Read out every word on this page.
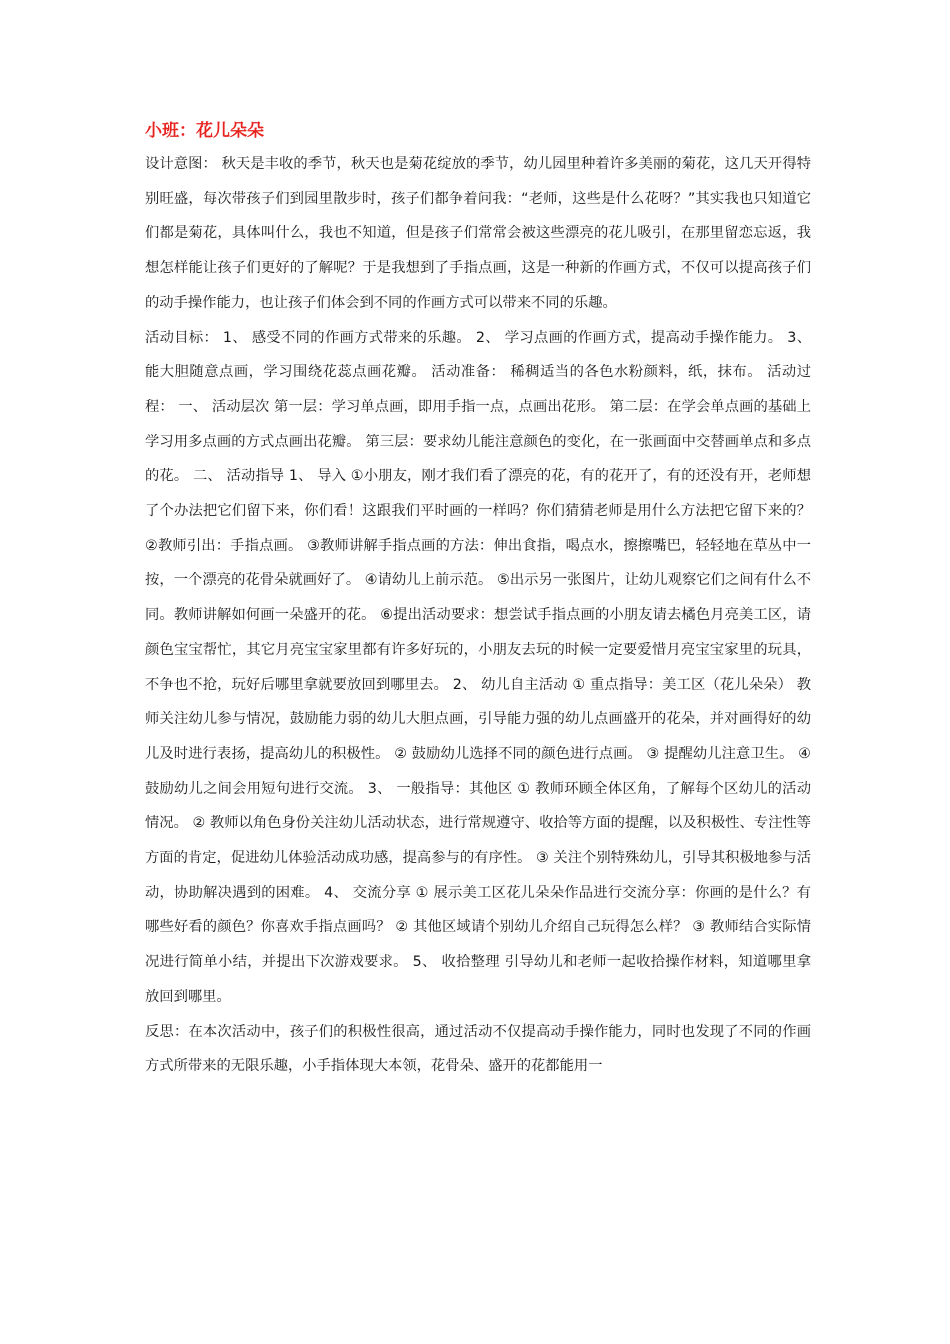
小班：花儿朵朵

设计意图： 秋天是丰收的季节，秋天也是菊花绽放的季节，幼儿园里种着许多美丽的菊花，这几天开得特别旺盛，每次带孩子们到园里散步时，孩子们都争着问我：“老师，这些是什么花呀？”其实我也只知道它们都是菊花，具体叫什么，我也不知道，但是孩子们常常会被这些漂亮的花儿吸引，在那里留恋忘返，我想怎样能让孩子们更好的了解呢？于是我想到了手指点画，这是一种新的作画方式，不仅可以提高孩子们的动手操作能力，也让孩子们体会到不同的作画方式可以带来不同的乐趣。

活动目标： 1、 感受不同的作画方式带来的乐趣。 2、 学习点画的作画方式，提高动手操作能力。 3、 能大胆随意点画，学习围绕花蕊点画花瓣。 活动准备： 稀稠适当的各色水粉颜料，纸，抹布。 活动过程： 一、 活动层次 第一层：学习单点画，即用手指一点，点画出花形。 第二层：在学会单点画的基础上学习用多点画的方式点画出花瓣。 第三层：要求幼儿能注意颜色的变化，在一张画面中交替画单点和多点的花。 二、 活动指导 1、 导入 ①小朋友，刚才我们看了漂亮的花，有的花开了，有的还没有开，老师想了个办法把它们留下来，你们看！这跟我们平时画的一样吗？你们猜猜老师是用什么方法把它留下来的？ ②教师引出：手指点画。 ③教师讲解手指点画的方法：伸出食指，喝点水，擦擦嘴巴，轻轻地在草丛中一按，一个漂亮的花骨朵就画好了。 ④请幼儿上前示范。 ⑤出示另一张图片，让幼儿观察它们之间有什么不同。教师讲解如何画一朵盛开的花。 ⑥提出活动要求：想尝试手指点画的小朋友请去橘色月亮美工区，请颜色宝宝帮忙，其它月亮宝宝家里都有许多好玩的，小朋友去玩的时候一定要爱惜月亮宝宝家里的玩具，不争也不抢，玩好后哪里拿就要放回到哪里去。 2、 幼儿自主活动 ① 重点指导：美工区（花儿朵朵） 教师关注幼儿参与情况，鼓励能力弱的幼儿大胆点画，引导能力强的幼儿点画盛开的花朵，并对画得好的幼儿及时进行表扬，提高幼儿的积极性。 ② 鼓励幼儿选择不同的颜色进行点画。 ③ 提醒幼儿注意卫生。 ④ 鼓励幼儿之间会用短句进行交流。 3、 一般指导：其他区 ① 教师环顾全体区角，了解每个区幼儿的活动情况。 ② 教师以角色身份关注幼儿活动状态，进行常规遵守、收拾等方面的提醒，以及积极性、专注性等方面的肯定，促进幼儿体验活动成功感，提高参与的有序性。 ③ 关注个别特殊幼儿，引导其积极地参与活动，协助解决遇到的困难。 4、 交流分享 ① 展示美工区花儿朵朵作品进行交流分享：你画的是什么？有哪些好看的颜色？你喜欢手指点画吗？ ② 其他区域请个别幼儿介绍自己玩得怎么样？ ③ 教师结合实际情况进行简单小结，并提出下次游戏要求。 5、 收拾整理 引导幼儿和老师一起收拾操作材料，知道哪里拿放回到哪里。

反思：在本次活动中，孩子们的积极性很高，通过活动不仅提高动手操作能力，同时也发现了不同的作画方式所带来的无限乐趣，小手指体现大本领，花骨朵、盛开的花都能用一
